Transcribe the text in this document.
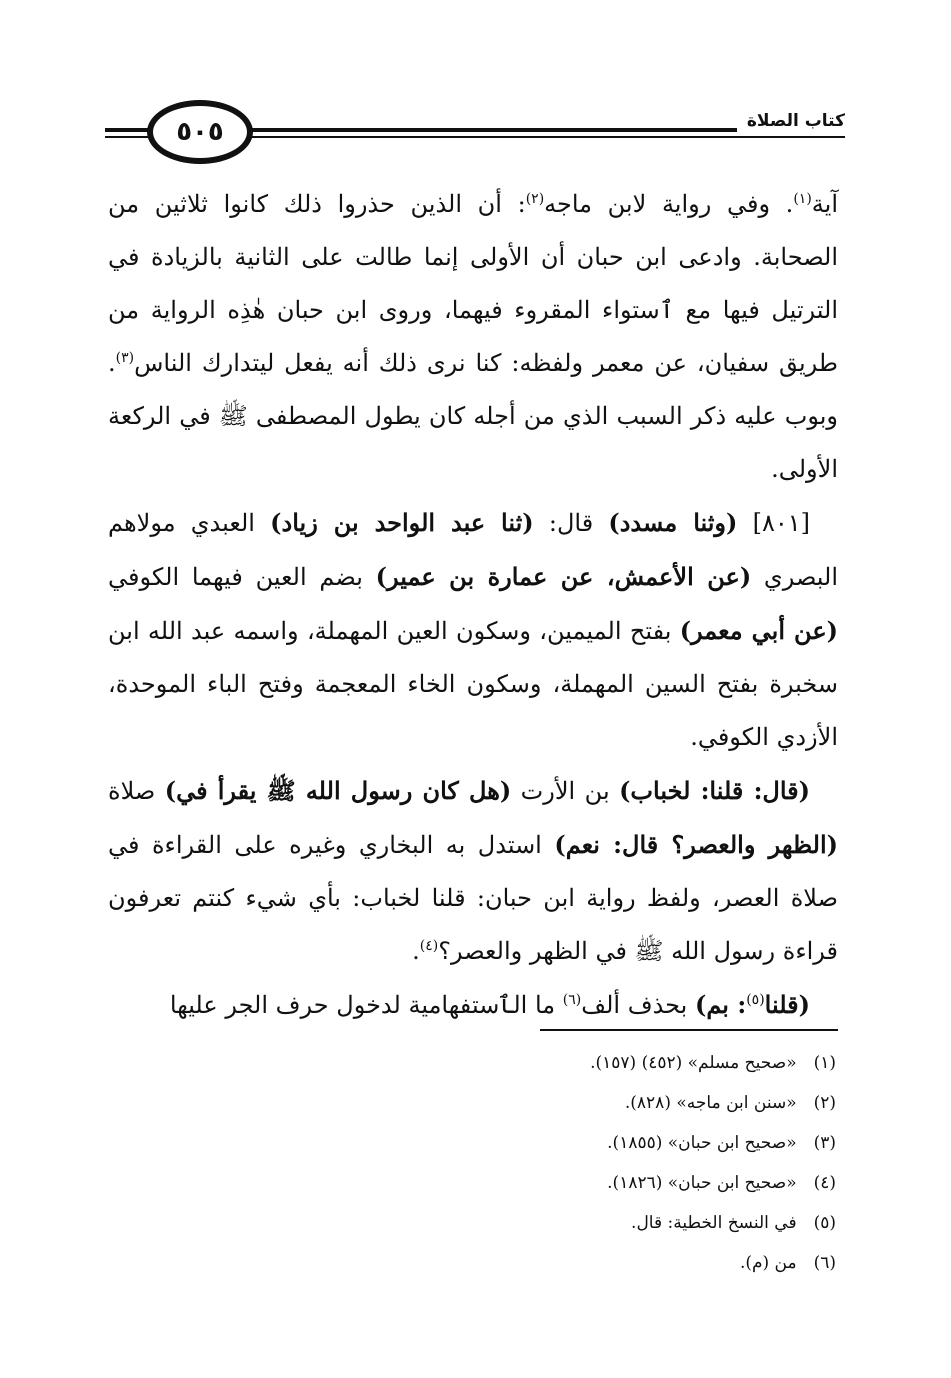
كتاب الصلاة
٥٠٥

آية$^{(١)}$. وفي رواية لابن ماجه$^{(٢)}$: أن الذين حذروا ذلك كانوا ثلاثين من الصحابة. وادعى ابن حبان أن الأولى إنما طالت على الثانية بالزيادة في الترتيل فيها مع ٱستواء المقروء فيهما، وروى ابن حبان هٰذِه الرواية من طريق سفيان، عن معمر ولفظه: كنا نرى ذلك أنه يفعل ليتدارك الناس$^{(٣)}$. وبوب عليه ذكر السبب الذي من أجله كان يطول المصطفى ﷺ في الركعة الأولى.

[٨٠١] (وثنا مسدد) قال: (ثنا عبد الواحد بن زياد) العبدي مولاهم البصري (عن الأعمش، عن عمارة بن عمير) بضم العين فيهما الكوفي (عن أبي معمر) بفتح الميمين، وسكون العين المهملة، واسمه عبد الله ابن سخبرة بفتح السين المهملة، وسكون الخاء المعجمة وفتح الباء الموحدة، الأزدي الكوفي.

(قال: قلنا: لخباب) بن الأرت (هل كان رسول الله ﷺ يقرأ في) صلاة (الظهر والعصر؟ قال: نعم) استدل به البخاري وغيره على القراءة في صلاة العصر، ولفظ رواية ابن حبان: قلنا لخباب: بأي شيء كنتم تعرفون قراءة رسول الله ﷺ في الظهر والعصر؟$^{(٤)}$.

(قلنا$^{(٥)}$: بم) بحذف ألف$^{(٦)}$ ما الٱستفهامية لدخول حرف الجر عليها

(١) «صحيح مسلم» (٤٥٢) (١٥٧).
(٢) «سنن ابن ماجه» (٨٢٨).
(٣) «صحيح ابن حبان» (١٨٥٥).
(٤) «صحيح ابن حبان» (١٨٢٦).
(٥) في النسخ الخطية: قال.
(٦) من (م).
